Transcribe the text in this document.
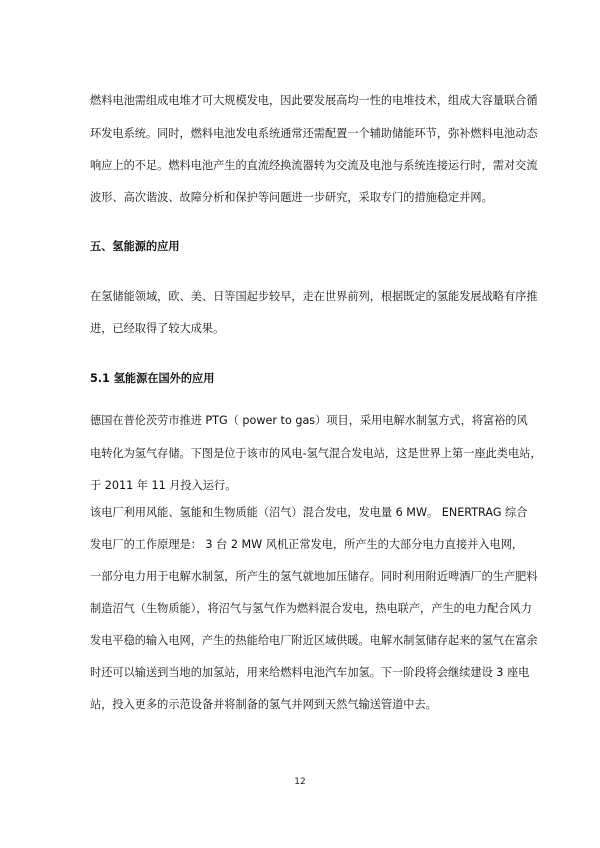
燃料电池需组成电堆才可大规模发电，因此要发展高均一性的电堆技术，组成大容量联合循

环发电系统。同时，燃料电池发电系统通常还需配置一个辅助储能环节，弥补燃料电池动态

响应上的不足。燃料电池产生的直流经换流器转为交流及电池与系统连接运行时，需对交流

波形、高次谐波、故障分析和保护等问题进一步研究，采取专门的措施稳定并网。

五、氢能源的应用

在氢储能领域，欧、美、日等国起步较早，走在世界前列，根据既定的氢能发展战略有序推

进，已经取得了较大成果。

5.1 氢能源在国外的应用

德国在普伦茨劳市推进 PTG（ power to gas）项目，采用电解水制氢方式，将富裕的风

电转化为氢气存储。下图是位于该市的风电-氢气混合发电站，这是世界上第一座此类电站，

于 2011 年 11 月投入运行。

该电厂利用风能、氢能和生物质能（沼气）混合发电，发电量 6 MW。 ENERTRAG 综合

发电厂的工作原理是： 3 台 2 MW 风机正常发电，所产生的大部分电力直接并入电网，

一部分电力用于电解水制氢，所产生的氢气就地加压储存。同时利用附近啤酒厂的生产肥料

制造沼气（生物质能），将沼气与氢气作为燃料混合发电，热电联产，产生的电力配合风力

发电平稳的输入电网，产生的热能给电厂附近区域供暖。电解水制氢储存起来的氢气在富余

时还可以输送到当地的加氢站，用来给燃料电池汽车加氢。下一阶段将会继续建设 3 座电

站，投入更多的示范设备并将制备的氢气并网到天然气输送管道中去。

12
